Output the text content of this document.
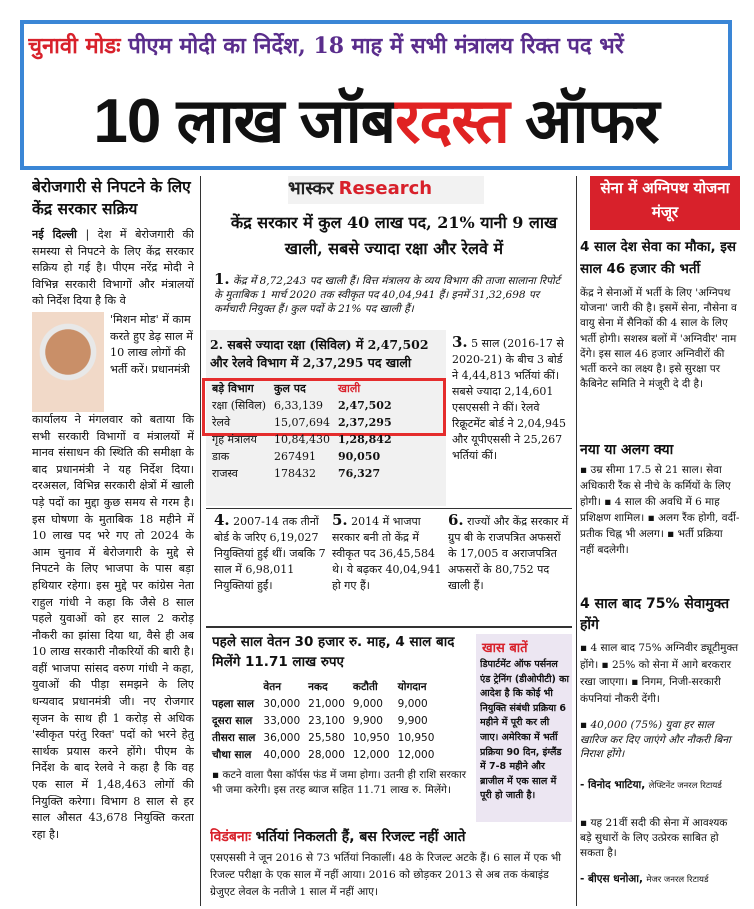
चुनावी मोडः पीएम मोदी का निर्देश, 18 माह में सभी मंत्रालय रिक्त पद भरें
10 लाख जॉबरदस्त ऑफर
बेरोजगारी से निपटने के लिए केंद्र सरकार सक्रिय
नई दिल्ली | देश में बेरोजगारी की समस्या से निपटने के लिए केंद्र सरकार सक्रिय हो गई है। पीएम नरेंद्र मोदी ने विभिन्न सरकारी विभागों और मंत्रालयों को निर्देश दिया है कि वे
'मिशन मोड' में काम करते हुए डेढ़ साल में 10 लाख लोगों की भर्ती करें। प्रधानमंत्री
कार्यालय ने मंगलवार को बताया कि सभी सरकारी विभागों व मंत्रालयों में मानव संसाधन की स्थिति की समीक्षा के बाद प्रधानमंत्री ने यह निर्देश दिया। दरअसल, विभिन्न सरकारी क्षेत्रों में खाली पड़े पदों का मुद्दा कुछ समय से गरम है। इस घोषणा के मुताबिक 18 महीने में 10 लाख पद भरे गए तो 2024 के आम चुनाव में बेरोजगारी के मुद्दे से निपटने के लिए भाजपा के पास बड़ा हथियार रहेगा। इस मुद्दे पर कांग्रेस नेता राहुल गांधी ने कहा कि जैसे 8 साल पहले युवाओं को हर साल 2 करोड़ नौकरी का झांसा दिया था, वैसे ही अब 10 लाख सरकारी नौकरियों की बारी है। वहीं भाजपा सांसद वरुण गांधी ने कहा, युवाओं की पीड़ा समझने के लिए धन्यवाद प्रधानमंत्री जी। नए रोजगार सृजन के साथ ही 1 करोड़ से अधिक 'स्वीकृत परंतु रिक्त' पदों को भरने हेतु सार्थक प्रयास करने होंगे। पीएम के निर्देश के बाद रेलवे ने कहा है कि वह एक साल में 1,48,463 लोगों की नियुक्ति करेगा। विभाग 8 साल से हर साल औसत 43,678 नियुक्ति करता रहा है।
भास्कर Research
केंद्र सरकार में कुल 40 लाख पद, 21% यानी 9 लाख खाली, सबसे ज्यादा रक्षा और रेलवे में
1. केंद्र में 8,72,243 पद खाली हैं। वित्त मंत्रालय के व्यय विभाग की ताजा सालाना रिपोर्ट के मुताबिक 1 मार्च 2020 तक स्वीकृत पद 40,04,941 हैं। इनमें 31,32,698 पर कर्मचारी नियुक्त हैं। कुल पदों के 21% पद खाली हैं।
2. सबसे ज्यादा रक्षा (सिविल) में 2,47,502 और रेलवे विभाग में 2,37,295 पद खाली
बड़े विभाग	कुल पद	खाली
रक्षा (सिविल)	6,33,139	2,47,502
रेलवे	15,07,694	2,37,295
गृह मंत्रालय	10,84,430	1,28,842
डाक	267491	90,050
राजस्व	178432	76,327
3. 5 साल (2016-17 से 2020-21) के बीच 3 बोर्ड ने 4,44,813 भर्तियां कीं। सबसे ज्यादा 2,14,601 एसएससी ने कीं। रेलवे रिक्रूटमेंट बोर्ड ने 2,04,945 और यूपीएससी ने 25,267 भर्तियां कीं।
4. 2007-14 तक तीनों बोर्ड के जरिए 6,19,027 नियुक्तियां हुई थीं। जबकि 7 साल में 6,98,011 नियुक्तियां हुईं।
5. 2014 में भाजपा सरकार बनी तो केंद्र में स्वीकृत पद 36,45,584 थे। ये बढ़कर 40,04,941 हो गए हैं।
6. राज्यों और केंद्र सरकार में ग्रुप बी के राजपत्रित अफसरों के 17,005 व अराजपत्रित अफसरों के 80,752 पद खाली हैं।
पहले साल वेतन 30 हजार रु. माह, 4 साल बाद मिलेंगे 11.71 लाख रुपए
	वेतन	नकद	कटौती	योगदान
पहला साल	30,000	21,000	9,000	9,000
दूसरा साल	33,000	23,100	9,900	9,900
तीसरा साल	36,000	25,580	10,950	10,950
चौथा साल	40,000	28,000	12,000	12,000
▪ कटने वाला पैसा कॉर्पस फंड में जमा होगा। उतनी ही राशि सरकार भी जमा करेगी। इस तरह ब्याज सहित 11.71 लाख रु. मिलेंगे।
खास बातें
डिपार्टमेंट ऑफ पर्सनल एंड ट्रेनिंग (डीओपीटी) का आदेश है कि कोई भी नियुक्ति संबंधी प्रक्रिया 6 महीने में पूरी कर ली जाए। अमेरिका में भर्ती प्रक्रिया 90 दिन, इंग्लैंड में 7-8 महीने और ब्राजील में एक साल में पूरी हो जाती है।
विडंबनाः भर्तियां निकलती हैं, बस रिजल्ट नहीं आते
एसएससी ने जून 2016 से 73 भर्तियां निकालीं। 48 के रिजल्ट अटके हैं। 6 साल में एक भी रिजल्ट परीक्षा के एक साल में नहीं आया। 2016 को छोड़कर 2013 से अब तक कंबाइंड ग्रेजुएट लेवल के नतीजे 1 साल में नहीं आए।
सेना में अग्निपथ योजना मंजूर
4 साल देश सेवा का मौका, इस साल 46 हजार की भर्ती
केंद्र ने सेनाओं में भर्ती के लिए 'अग्निपथ योजना' जारी की है। इसमें सेना, नौसेना व वायु सेना में सैनिकों की 4 साल के लिए भर्ती होगी। सशस्त्र बलों में 'अग्निवीर' नाम देंगे। इस साल 46 हजार अग्निवीरों की भर्ती करने का लक्ष्य है। इसे सुरक्षा पर कैबिनेट समिति ने मंजूरी दे दी है।
नया या अलग क्या
▪ उम्र सीमा 17.5 से 21 साल। सेवा अधिकारी रैंक से नीचे के कर्मियों के लिए होगी। ▪ 4 साल की अवधि में 6 माह प्रशिक्षण शामिल। ▪ अलग रैंक होगी, वर्दी-प्रतीक चिह्न भी अलग। ▪ भर्ती प्रक्रिया नहीं बदलेगी।
4 साल बाद 75% सेवामुक्त होंगे
▪ 4 साल बाद 75% अग्निवीर ड्यूटीमुक्त होंगे। ▪ 25% को सेना में आगे बरकरार रखा जाएगा। ▪ निगम, निजी-सरकारी कंपनियां नौकरी देंगी।
▪ 40,000 (75%) युवा हर साल खारिज कर दिए जाएंगे और नौकरी बिना निराश होंगे।
- विनोद भाटिया, लेफ्टिनेंट जनरल रिटायर्ड
▪ यह 21वीं सदी की सेना में आवश्यक बड़े सुधारों के लिए उत्प्रेरक साबित हो सकता है।
- बीएस धनोआ, मेजर जनरल रिटायर्ड
